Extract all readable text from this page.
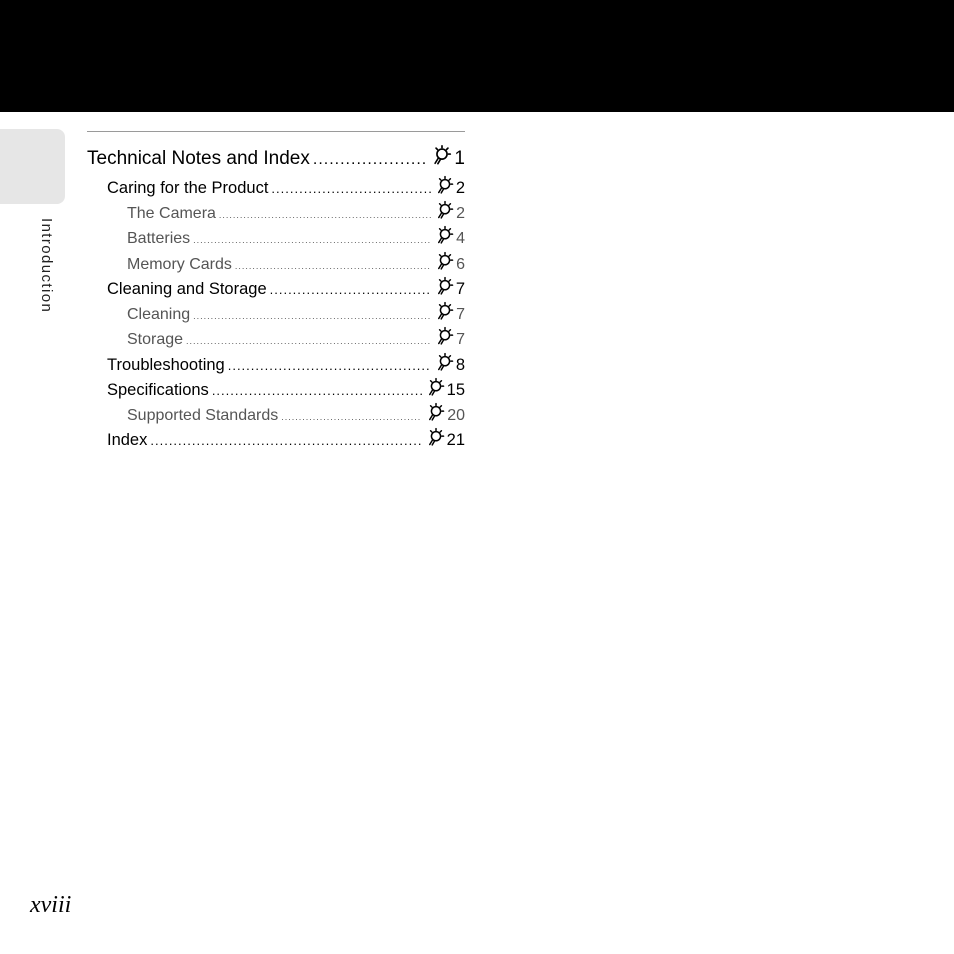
Introduction
Technical Notes and Index .....	1
Caring for the Product .....	2
The Camera .....	2
Batteries .....	4
Memory Cards .....	6
Cleaning and Storage .....	7
Cleaning .....	7
Storage .....	7
Troubleshooting .....	8
Specifications .....	15
Supported Standards .....	20
Index .....	21
xviii
